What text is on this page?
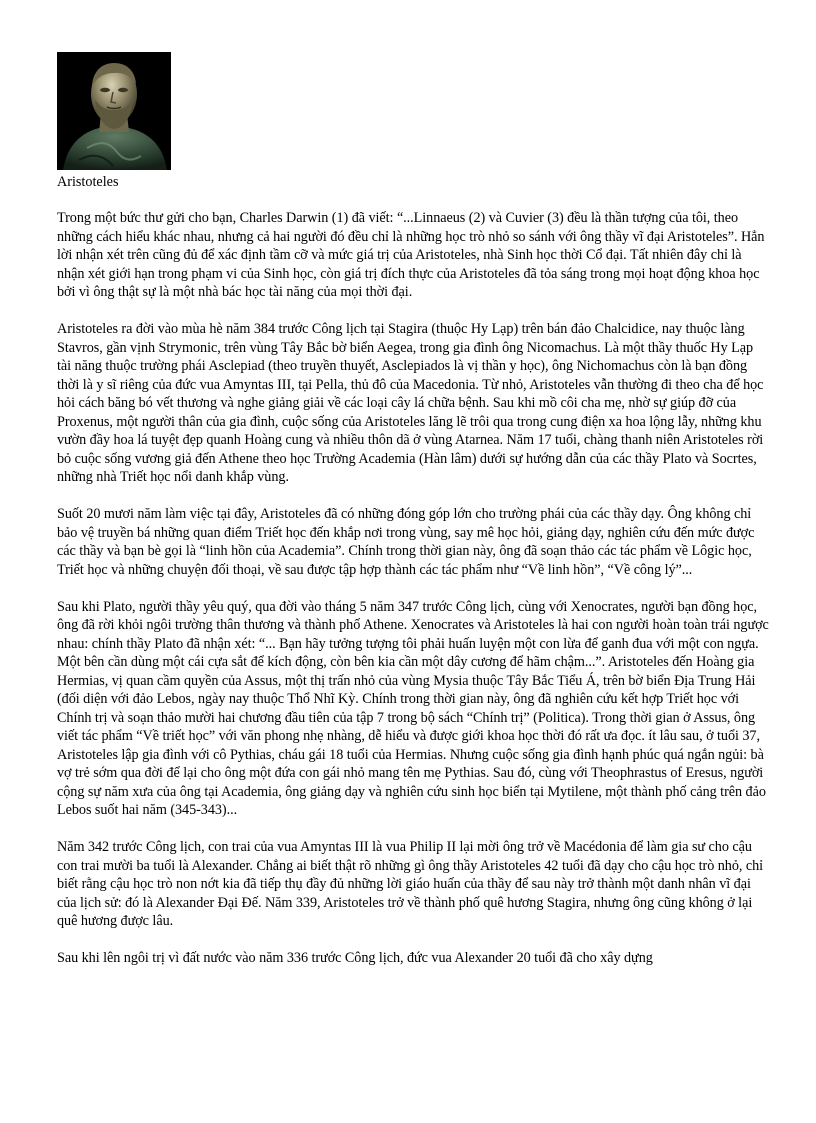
Aristoteles

Trong một bức thư gửi cho bạn, Charles Darwin (1) đã viết: “...Linnaeus (2) và Cuvier (3) đều là thần tượng của tôi, theo những cách hiểu khác nhau, nhưng cả hai người đó đều chỉ là những học trò nhỏ so sánh với ông thầy vĩ đại Aristoteles”. Hẳn lời nhận xét trên cũng đủ để xác định tầm cỡ và mức giá trị của Aristoteles, nhà Sinh học thời Cổ đại. Tất nhiên đây chỉ là nhận xét giới hạn trong phạm vi của Sinh học, còn giá trị đích thực của Aristoteles đã tỏa sáng trong mọi hoạt động khoa học bởi vì ông thật sự là một nhà bác học tài năng của mọi thời đại.

Aristoteles ra đời vào mùa hè năm 384 trước Công lịch tại Stagira (thuộc Hy Lạp) trên bán đảo Chalcidice, nay thuộc làng Stavros, gần vịnh Strymonic, trên vùng Tây Bắc bờ biển Aegea, trong gia đình ông Nicomachus. Là một thầy thuốc Hy Lạp tài năng thuộc trường phái Asclepiad (theo truyền thuyết, Asclepiados là vị thần y học), ông Nichomachus còn là bạn đồng thời là y sĩ riêng của đức vua Amyntas III, tại Pella, thủ đô của Macedonia. Từ nhỏ, Aristoteles vẫn thường đi theo cha để học hỏi cách băng bó vết thương và nghe giảng giải về các loại cây lá chữa bệnh. Sau khi mồ côi cha mẹ, nhờ sự giúp đỡ của Proxenus, một người thân của gia đình, cuộc sống của Aristoteles lăng lẽ trôi qua trong cung điện xa hoa lộng lẫy, những khu vườn đầy hoa lá tuyệt đẹp quanh Hoàng cung và nhiều thôn dã ở vùng Atarnea. Năm 17 tuổi, chàng thanh niên Aristoteles rời bỏ cuộc sống vương giả đến Athene theo học Trường Academia (Hàn lâm) dưới sự hướng dẫn của các thầy Plato và Socrtes, những nhà Triết học nổi danh khắp vùng.

Suốt 20 mươi năm làm việc tại đây, Aristoteles đã có những đóng góp lớn cho trường phái của các thầy dạy. Ông không chỉ bảo vệ truyền bá những quan điểm Triết học đến khắp nơi trong vùng, say mê học hỏi, giảng dạy, nghiên cứu đến mức được các thầy và bạn bè gọi là “linh hồn của Academia”. Chính trong thời gian này, ông đã soạn thảo các tác phẩm về Lôgic học, Triết học và những chuyện đối thoại, về sau được tập hợp thành các tác phẩm như “Về linh hồn”, “Về công lý”...

Sau khi Plato, người thầy yêu quý, qua đời vào tháng 5 năm 347 trước Công lịch, cùng với Xenocrates, người bạn đồng học, ông đã rời khỏi ngôi trường thân thương và thành phố Athene. Xenocrates và Aristoteles là hai con người hoàn toàn trái ngược nhau: chính thầy Plato đã nhận xét: “... Bạn hãy tưởng tượng tôi phải huấn luyện một con lừa để ganh đua với một con ngựa. Một bên cần dùng một cái cựa sắt để kích động, còn bên kia cần một dây cương để hãm chậm...”. Aristoteles đến Hoàng gia Hermias, vị quan cầm quyền của Assus, một thị trấn nhỏ của vùng Mysia thuộc Tây Bắc Tiểu Á, trên bờ biển Địa Trung Hải (đối diện với đảo Lebos, ngày nay thuộc Thổ Nhĩ Kỳ. Chính trong thời gian này, ông đã nghiên cứu kết hợp Triết học với Chính trị và soạn thảo mười hai chương đầu tiên của tập 7 trong bộ sách “Chính trị” (Politica). Trong thời gian ở Assus, ông viết tác phẩm “Về triết học” với văn phong nhẹ nhàng, dễ hiểu và được giới khoa học thời đó rất ưa đọc. ít lâu sau, ở tuổi 37, Aristoteles lập gia đình với cô Pythias, cháu gái 18 tuổi của Hermias. Nhưng cuộc sống gia đình hạnh phúc quá ngắn ngủi: bà vợ trẻ sớm qua đời để lại cho ông một đứa con gái nhỏ mang tên mẹ Pythias. Sau đó, cùng với Theophrastus of Eresus, người cộng sự năm xưa của ông tại Academia, ông giảng dạy và nghiên cứu sinh học biển tại Mytilene, một thành phố cảng trên đảo Lebos suốt hai năm (345-343)...

Năm 342 trước Công lịch, con trai của vua Amyntas III là vua Philip II lại mời ông trở về Macédonia để làm gia sư cho cậu con trai mười ba tuổi là Alexander. Chẳng ai biết thật rõ những gì ông thầy Aristoteles 42 tuổi đã dạy cho cậu học trò nhỏ, chỉ biết rằng cậu học trò non nớt kia đã tiếp thụ đầy đủ những lời giáo huấn của thầy để sau này trở thành một danh nhân vĩ đại của lịch sử: đó là Alexander Đại Đế. Năm 339, Aristoteles trở về thành phố quê hương Stagira, nhưng ông cũng không ở lại quê hương được lâu.

Sau khi lên ngôi trị vì đất nước vào năm 336 trước Công lịch, đức vua Alexander 20 tuổi đã cho xây dựng
